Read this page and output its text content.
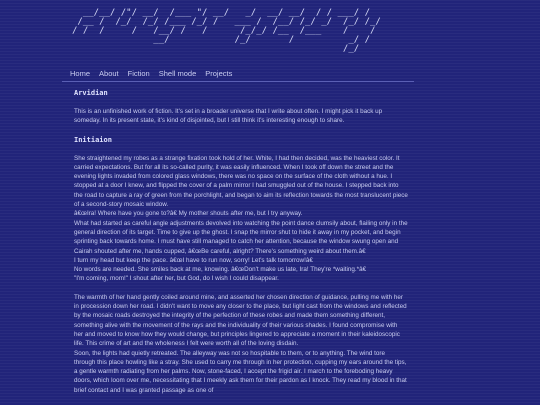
__/__/ /"/ __/  /___ "/ __/   _/  __/ __/  / / ___/ /
/__ /  /_/  /_/ /___ /_/ /   ___ /  /__/ /_/ _/  /_/ /_/
/ /  /     /   /__/ /   /      /_/_/ /__  /___    /    /
__/            /_/       /          _/ /
/_/
Home About Fiction Shell mode Projects
Arvidian

This is an unfinished work of fiction. It's set in a broader universe that I write about often. I might pick it back up someday. In its present state, it's kind of disjointed, but I still think it's interesting enough to share.

Initiaion
She straightened my robes as a strange fixation took hold of her. White, I had then decided, was the heaviest color. It carried expectations. But for all its so-called purity, it was easily influenced. When I took off down the street and the evening lights invaded from colored glass windows, there was no space on the surface of the cloth without a hue. I stopped at a door I knew, and flipped the cover of a palm mirror I had smuggled out of the house. I stepped back into the road to capture a ray of green from the porchlight, and began to aim its reflection towards the most translucent piece of a second-story mosaic window.
â€œIra! Where have you gone to?â€ My mother shouts after me, but I try anyway.
What had started as careful angle adjustments devolved into watching the point dance clumsily about, flailing only in the general direction of its target. Time to give up the ghost. I snap the mirror shut to hide it away in my pocket, and begin sprinting back towards home. I must have still managed to catch her attention, because the window swung open and Cairah shouted after me, hands cupped, â€œBe careful, alright? There's something weird about them.â€
I turn my head but keep the pace. â€œI have to run now, sorry! Let's talk tomorrow!â€
No words are needed. She smiles back at me, knowing. â€œDon't make us late, Ira! They're *waiting.*â€
"I'm coming, mom!" I shout after her, but God, do I wish I could disappear.
The warmth of her hand gently coiled around mine, and asserted her chosen direction of guidance, pulling me with her in procession down her road. I didn't want to move any closer to the place, but light cast from the windows and reflected by the mosaic roads destroyed the integrity of the perfection of these robes and made them something different, something alive with the movement of the rays and the individuality of their various shades. I found compromise with her and moved to know how they would change, but principles lingered to appreciate a moment in their kaleidoscopic life. This crime of art and the wholeness I felt were worth all of the loving disdain.
Soon, the lights had quietly retreated. The alleyway was not so hospitable to them, or to anything. The wind tore through this place howling like a stray. She used to carry me through in her protection, cupping my ears around the tips, a gentle warmth radiating from her palms. Now, stone-faced, I accept the frigid air. I march to the foreboding heavy doors, which loom over me, necessitating that I meekly ask them for their pardon as I knock. They read my blood in that brief contact and I was granted passage as one of
